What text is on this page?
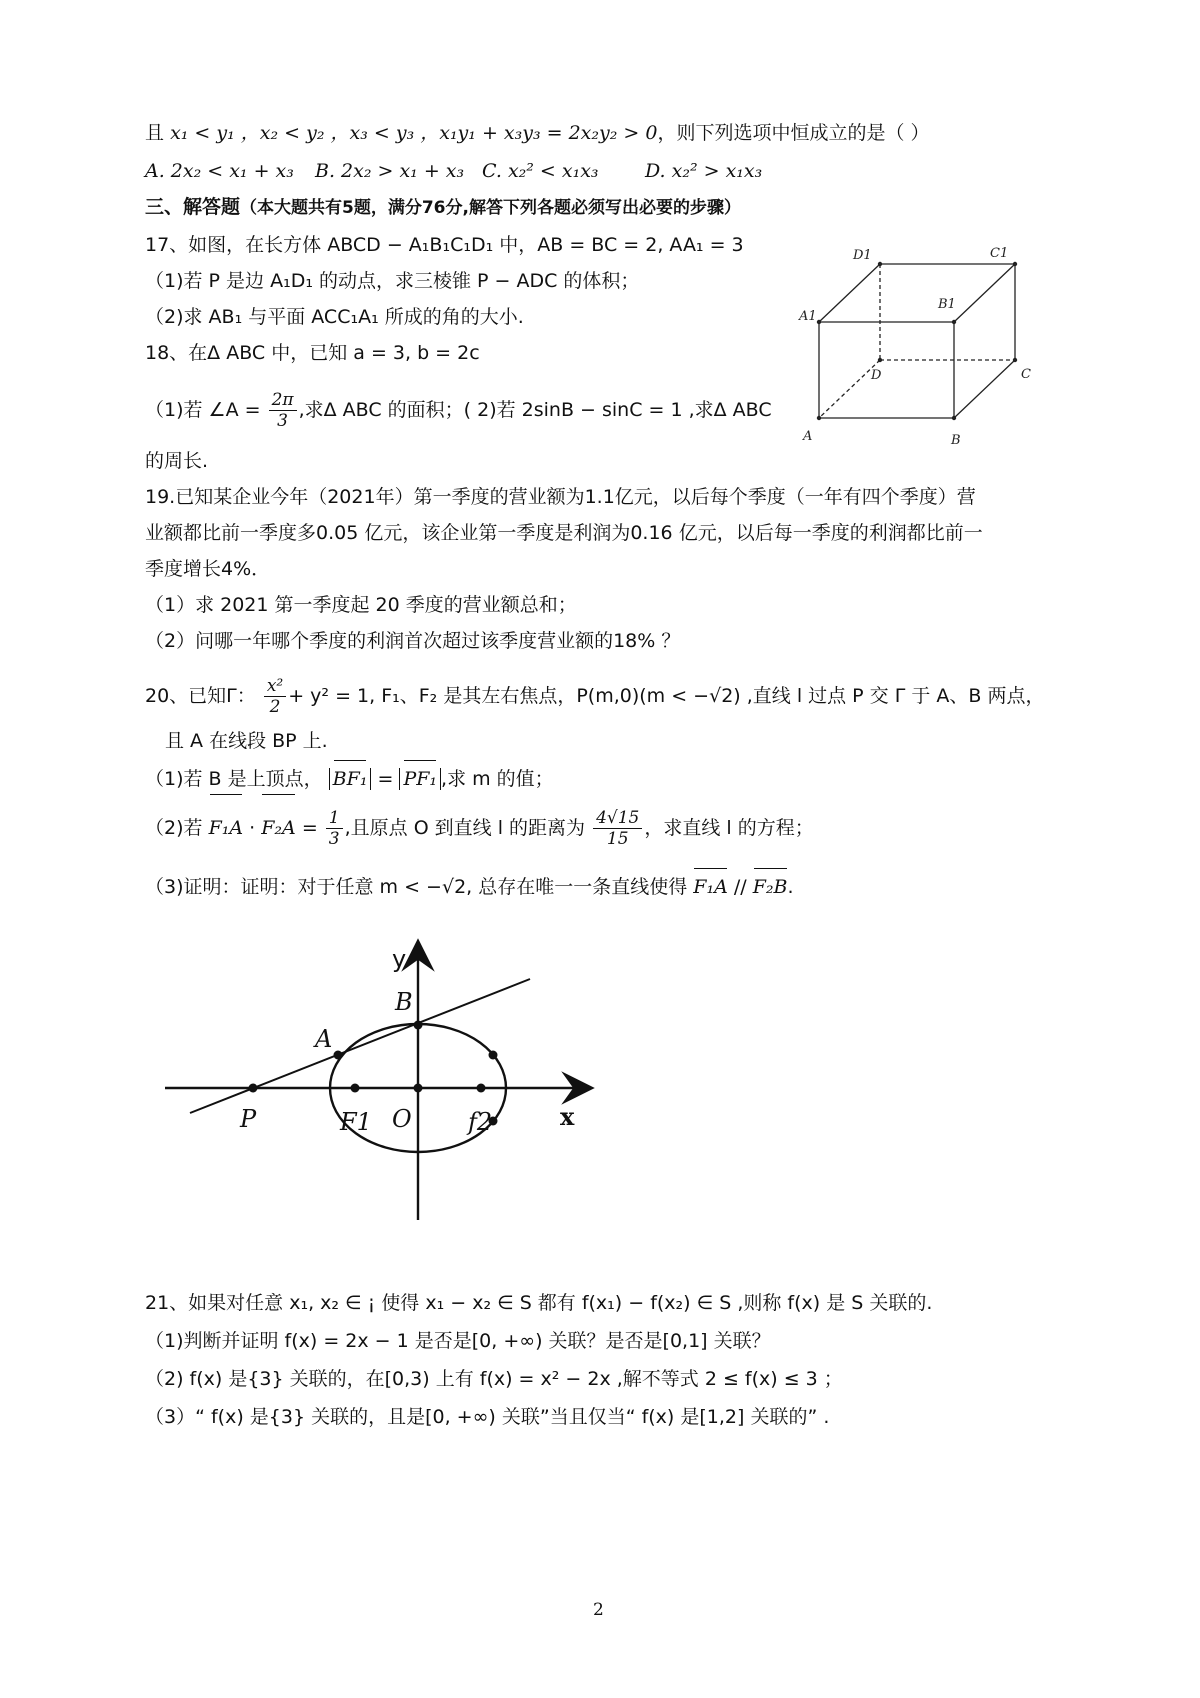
且 x₁ < y₁ ，x₂ < y₂ ，x₃ < y₃ ，x₁y₁ + x₃y₃ = 2x₂y₂ > 0，则下列选项中恒成立的是（ ）
A. 2x₂ < x₁ + x₃ B. 2x₂ > x₁ + x₃ C. x₂² < x₁x₃ D. x₂² > x₁x₃
三、解答题（本大题共有5题，满分76分,解答下列各题必须写出必要的步骤）
17、如图，在长方体 ABCD − A₁B₁C₁D₁ 中，AB = BC = 2, AA₁ = 3
（1)若 P 是边 A₁D₁ 的动点，求三棱锥 P − ADC 的体积；
（2)求 AB₁ 与平面 ACC₁A₁ 所成的角的大小.
18、在Δ ABC 中，已知 a = 3, b = 2c
（1)若 ∠A = $\frac{2\pi}{3}$ ,求Δ ABC 的面积；( 2)若 2sinB − sinC = 1 ,求Δ ABC
的周长.
D1	C1
B1
A1
D	C
A	B
19.已知某企业今年（2021年）第一季度的营业额为1.1亿元，以后每个季度（一年有四个季度）营
业额都比前一季度多0.05 亿元，该企业第一季度是利润为0.16 亿元，以后每一季度的利润都比前一
季度增长4%．
（1）求 2021 第一季度起 20 季度的营业额总和；
（2）问哪一年哪个季度的利润首次超过该季度营业额的18% ？
20、已知Γ： $\frac{\text{x²}}{2} + y^2 = 1$, F₁、F₂ 是其左右焦点，P(m,0)(m < −√2) ,直线 l 过点 P 交 Γ 于 A、B 两点，
且 A 在线段 BP 上.
（1)若 B 是上顶点， BF₁ = PF₁ ,求 m 的值；
（2)若 $F_1A \cdot F_2A = \frac{1}{3}$ ,且原点 O 到直线 l 的距离为 $\frac{4√15}{15}$ ，求直线 l 的方程；
（3)证明：证明：对于任意 m < −√2, 总存在唯一一条直线使得 F₁A // F₂B.
y
x
B
A
P	F1 O f2
21、如果对任意 x₁, x₂ ∈ ¡ 使得 x₁ − x₂ ∈ S 都有 f(x₁) − f(x₂) ∈ S ,则称 f(x) 是 S 关联的.
（1)判断并证明 f(x) = 2x − 1 是否是[0, +∞) 关联？是否是[0,1] 关联？
（2) f(x) 是{3} 关联的，在[0,3) 上有 f(x) = x² − 2x ,解不等式 2 ≤ f(x) ≤ 3 ；
（3）“ f(x) 是{3} 关联的，且是[0, +∞) 关联”当且仅当“ f(x) 是[1,2] 关联的” .
2
